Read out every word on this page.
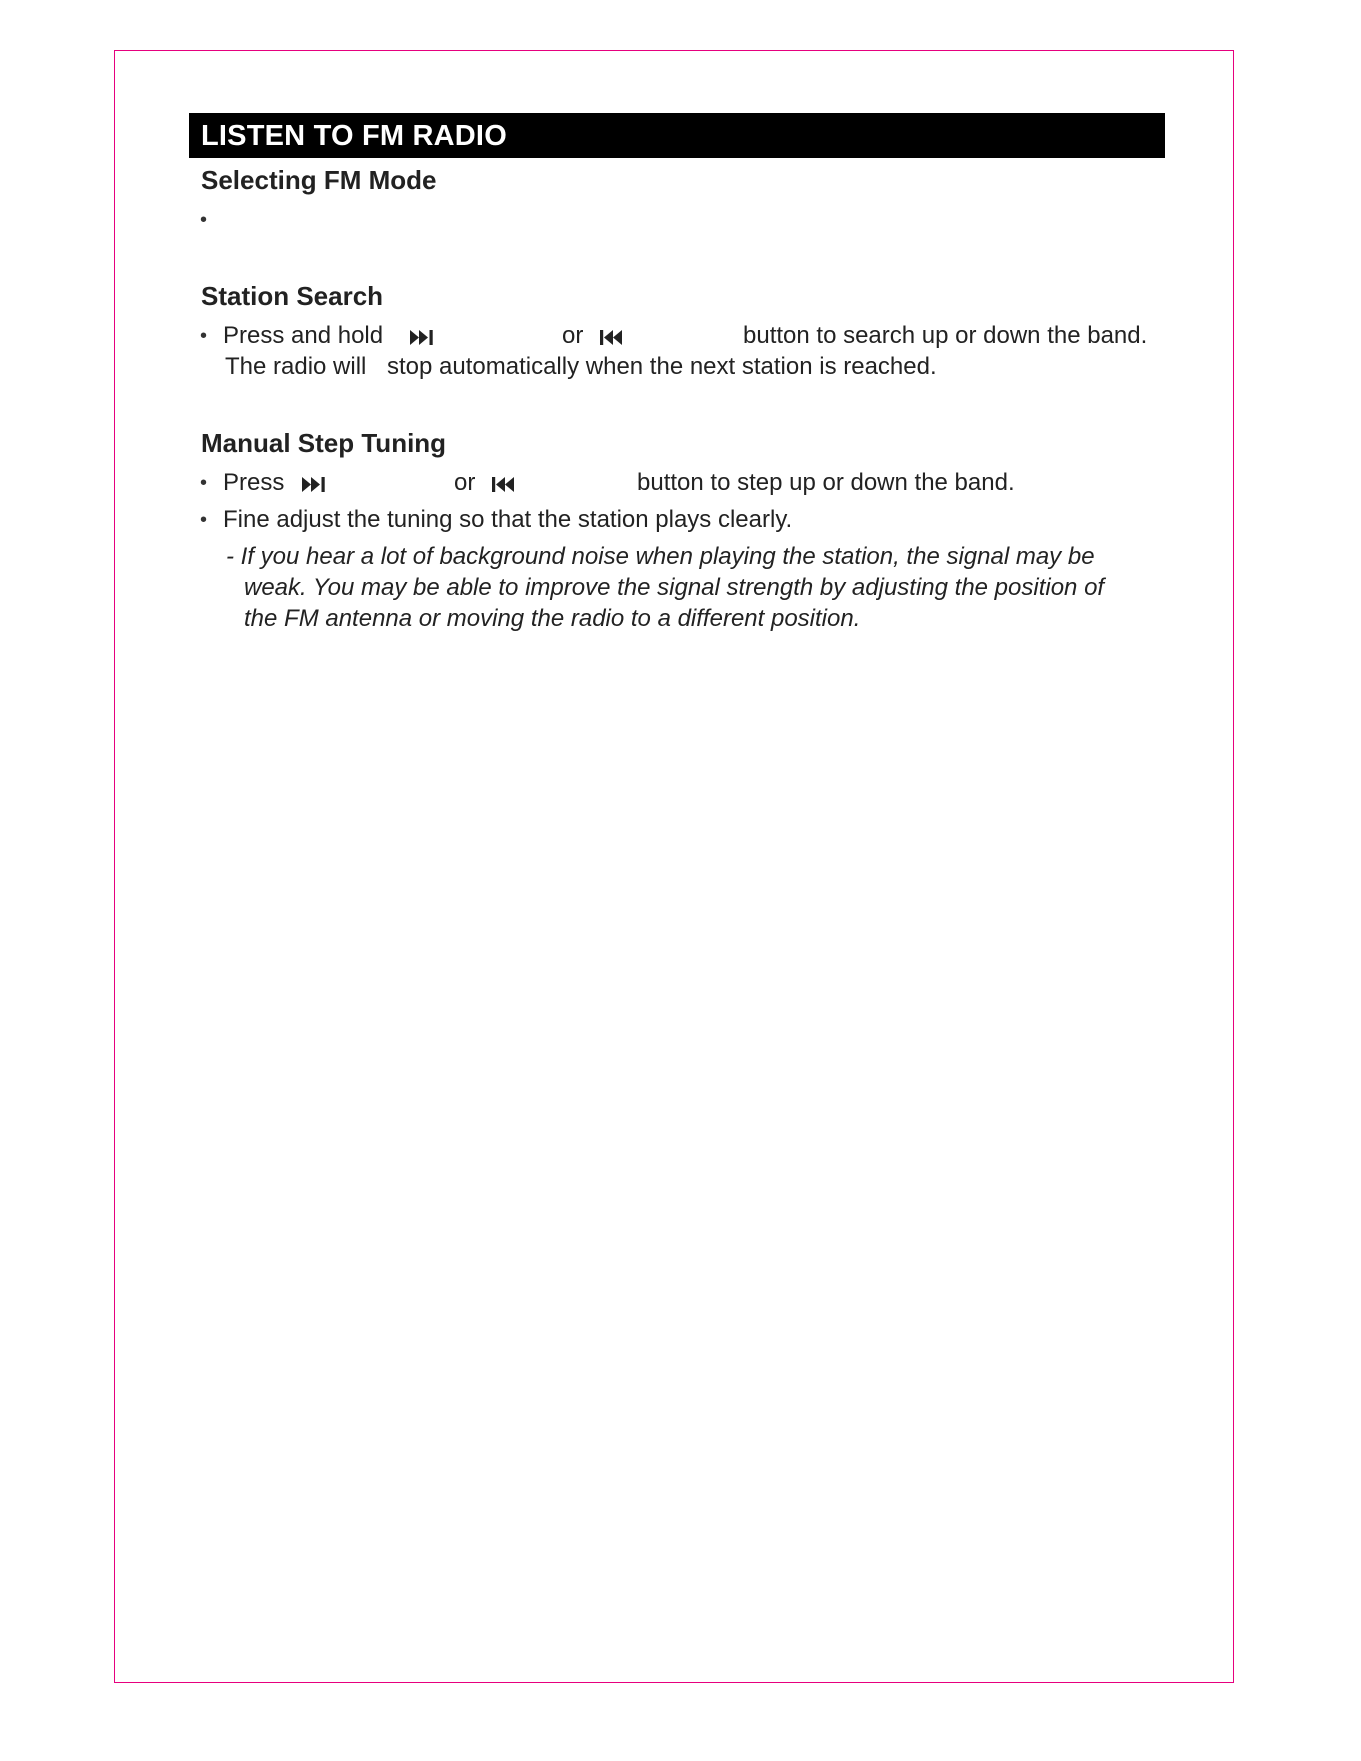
LISTEN TO FM RADIO
Selecting FM Mode
•
Station Search
• Press and hold	or	button to search up or down the band.
The radio will stop automatically when the next station is reached.
Manual Step Tuning
• Press	or	button to step up or down the band.
• Fine adjust the tuning so that the station plays clearly.
- If you hear a lot of background noise when playing the station, the signal may be
weak. You may be able to improve the signal strength by adjusting the position of
the FM antenna or moving the radio to a different position.
